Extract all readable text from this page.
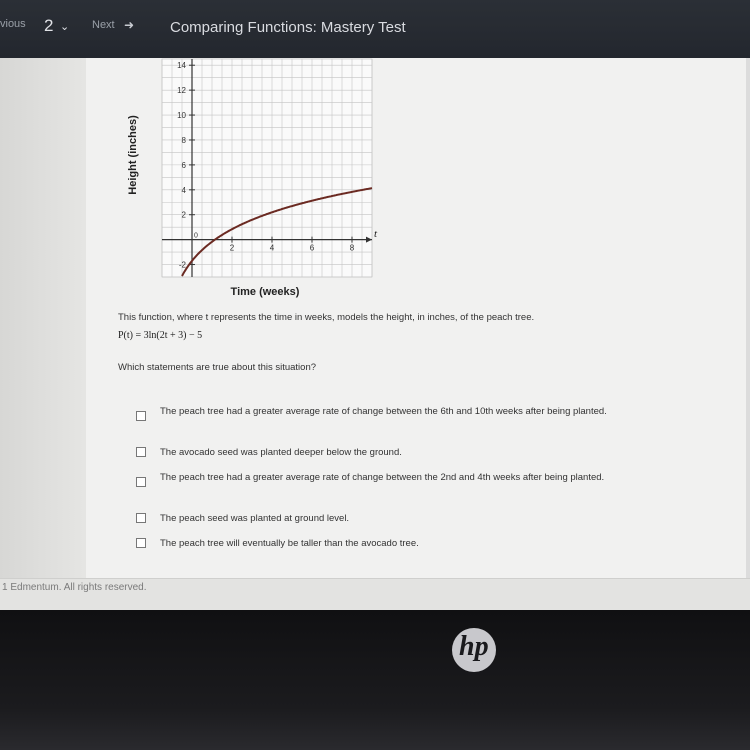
vious 2 ⌄ Next ➜ Comparing Functions: Mastery Test
14
12
10
8
6
4
2
-2
2	4	6	8
0
Height (inches)
Time (weeks)
t
This function, where t represents the time in weeks, models the height, in inches, of the peach tree.
P(t) = 3ln(2t + 3) − 5
Which statements are true about this situation?
The peach tree had a greater average rate of change between the 6th and 10th weeks after being planted.
The avocado seed was planted deeper below the ground.
The peach tree had a greater average rate of change between the 2nd and 4th weeks after being planted.
The peach seed was planted at ground level.
The peach tree will eventually be taller than the avocado tree.
1 Edmentum. All rights reserved.
hp
